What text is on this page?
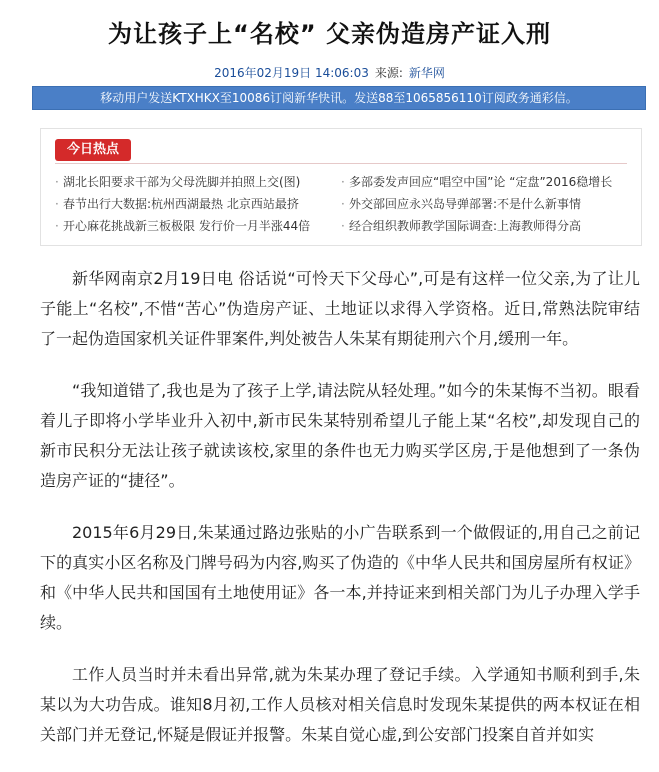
为让孩子上“名校” 父亲伪造房产证入刑
2016年02月19日 14:06:03 来源: 新华网
移动用户发送KTXHKX至10086订阅新华快讯。发送88至1065856110订阅政务通彩信。
今日热点
· 湖北长阳要求干部为父母洗脚并拍照上交(图)
· 春节出行大数据:杭州西湖最热 北京西站最挤
· 开心麻花挑战新三板极限 发行价一月半涨44倍
· 多部委发声回应“唱空中国”论 “定盘”2016稳增长
· 外交部回应永兴岛导弹部署:不是什么新事情
· 经合组织教师教学国际调查:上海教师得分高

新华网南京2月19日电 俗话说“可怜天下父母心”,可是有这样一位父亲,为了让儿子能上“名校”,不惜“苦心”伪造房产证、土地证以求得入学资格。近日,常熟法院审结了一起伪造国家机关证件罪案件,判处被告人朱某有期徒刑六个月,缓刑一年。

“我知道错了,我也是为了孩子上学,请法院从轻处理。”如今的朱某悔不当初。眼看着儿子即将小学毕业升入初中,新市民朱某特别希望儿子能上某“名校”,却发现自己的新市民积分无法让孩子就读该校,家里的条件也无力购买学区房,于是他想到了一条伪造房产证的“捷径”。

2015年6月29日,朱某通过路边张贴的小广告联系到一个做假证的,用自己之前记下的真实小区名称及门牌号码为内容,购买了伪造的《中华人民共和国房屋所有权证》和《中华人民共和国国有土地使用证》各一本,并持证来到相关部门为儿子办理入学手续。

工作人员当时并未看出异常,就为朱某办理了登记手续。入学通知书顺利到手,朱某以为大功告成。谁知8月初,工作人员核对相关信息时发现朱某提供的两本权证在相关部门并无登记,怀疑是假证并报警。朱某自觉心虚,到公安部门投案自首并如实
